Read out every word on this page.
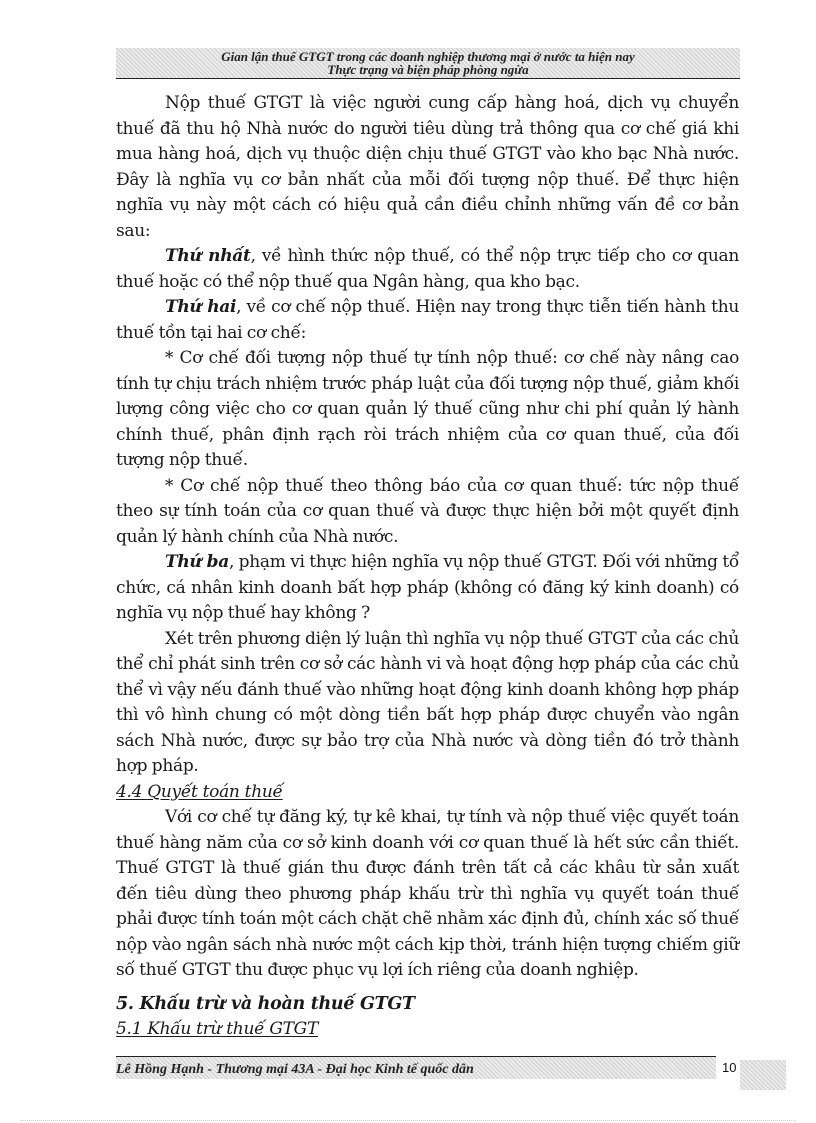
Gian lận thuế GTGT trong các doanh nghiệp thương mại ở nước ta hiện nay
Thực trạng và biện pháp phòng ngừa

Nộp thuế GTGT là việc người cung cấp hàng hoá, dịch vụ chuyển thuế đã thu hộ Nhà nước do người tiêu dùng trả thông qua cơ chế giá khi mua hàng hoá, dịch vụ thuộc diện chịu thuế GTGT vào kho bạc Nhà nước. Đây là nghĩa vụ cơ bản nhất của mỗi đối tượng nộp thuế. Để thực hiện nghĩa vụ này một cách có hiệu quả cần điều chỉnh những vấn đề cơ bản sau:

Thứ nhất, về hình thức nộp thuế, có thể nộp trực tiếp cho cơ quan thuế hoặc có thể nộp thuế qua Ngân hàng, qua kho bạc.

Thứ hai, về cơ chế nộp thuế. Hiện nay trong thực tiễn tiến hành thu thuế tồn tại hai cơ chế:

* Cơ chế đối tượng nộp thuế tự tính nộp thuế: cơ chế này nâng cao tính tự chịu trách nhiệm trước pháp luật của đối tượng nộp thuế, giảm khối lượng công việc cho cơ quan quản lý thuế cũng như chi phí quản lý hành chính thuế, phân định rạch ròi trách nhiệm của cơ quan thuế, của đối tượng nộp thuế.

* Cơ chế nộp thuế theo thông báo của cơ quan thuế: tức nộp thuế theo sự tính toán của cơ quan thuế và được thực hiện bởi một quyết định quản lý hành chính của Nhà nước.

Thứ ba, phạm vi thực hiện nghĩa vụ nộp thuế GTGT. Đối với những tổ chức, cá nhân kinh doanh bất hợp pháp (không có đăng ký kinh doanh) có nghĩa vụ nộp thuế hay không ?

Xét trên phương diện lý luận thì nghĩa vụ nộp thuế GTGT của các chủ thể chỉ phát sinh trên cơ sở các hành vi và hoạt động hợp pháp của các chủ thể vì vậy nếu đánh thuế vào những hoạt động kinh doanh không hợp pháp thì vô hình chung có một dòng tiền bất hợp pháp được chuyển vào ngân sách Nhà nước, được sự bảo trợ của Nhà nước và dòng tiền đó trở thành hợp pháp.

4.4 Quyết toán thuế

Với cơ chế tự đăng ký, tự kê khai, tự tính và nộp thuế việc quyết toán thuế hàng năm của cơ sở kinh doanh với cơ quan thuế là hết sức cần thiết. Thuế GTGT là thuế gián thu được đánh trên tất cả các khâu từ sản xuất đến tiêu dùng theo phương pháp khấu trừ thì nghĩa vụ quyết toán thuế phải được tính toán một cách chặt chẽ nhằm xác định đủ, chính xác số thuế nộp vào ngân sách nhà nước một cách kịp thời, tránh hiện tượng chiếm giữ số thuế GTGT thu được phục vụ lợi ích riêng của doanh nghiệp.

5. Khấu trừ và hoàn thuế GTGT

5.1 Khấu trừ thuế GTGT

Lê Hồng Hạnh - Thương mại 43A - Đại học Kinh tế quốc dân	10
